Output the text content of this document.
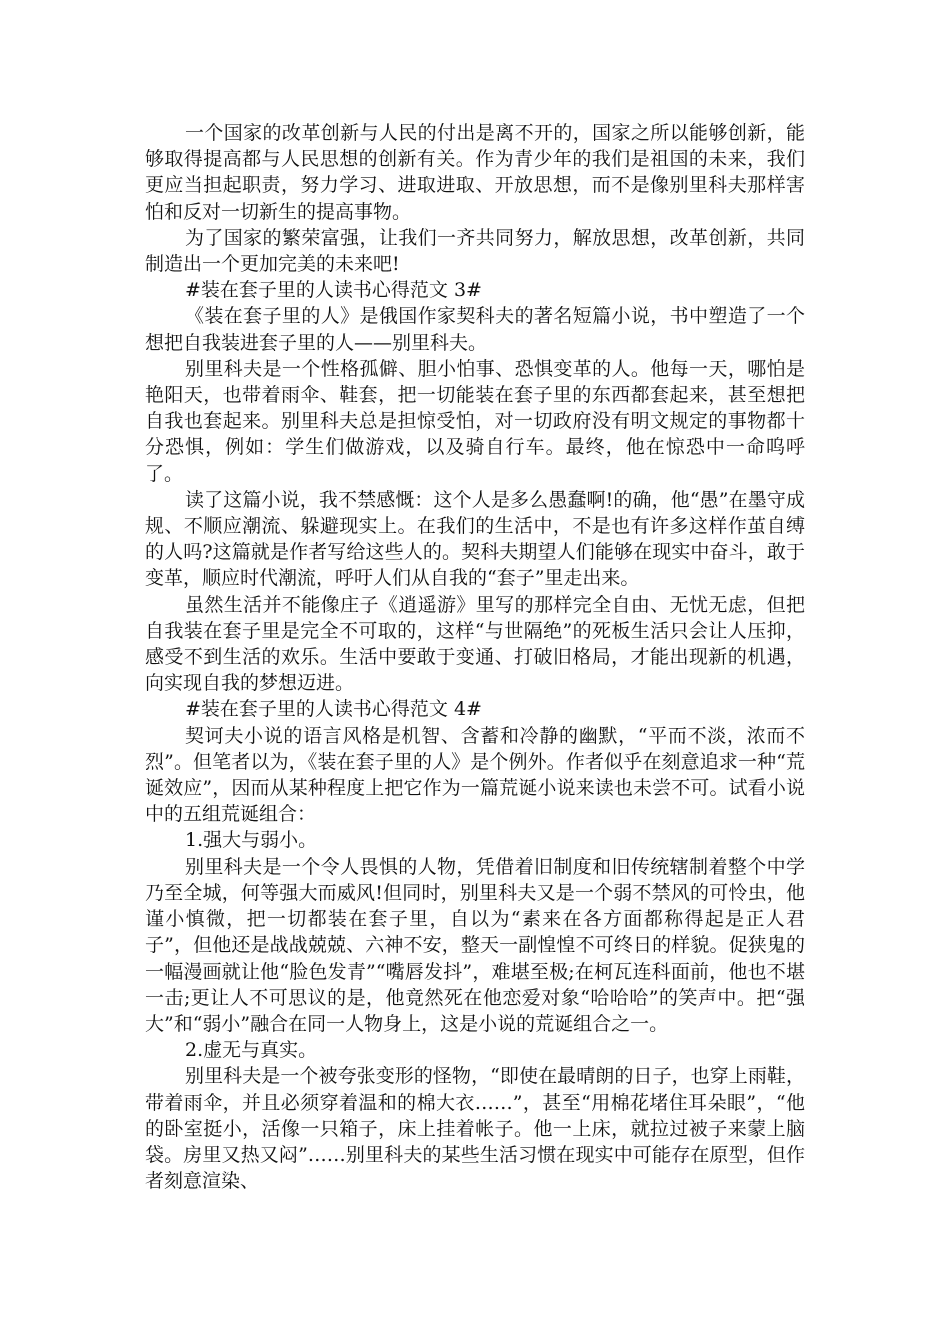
一个国家的改革创新与人民的付出是离不开的，国家之所以能够创新，能够取得提高都与人民思想的创新有关。作为青少年的我们是祖国的未来，我们更应当担起职责，努力学习、进取进取、开放思想，而不是像别里科夫那样害怕和反对一切新生的提高事物。

为了国家的繁荣富强，让我们一齐共同努力，解放思想，改革创新，共同制造出一个更加完美的未来吧!

#装在套子里的人读书心得范文 3#

《装在套子里的人》是俄国作家契科夫的著名短篇小说，书中塑造了一个想把自我装进套子里的人——别里科夫。

别里科夫是一个性格孤僻、胆小怕事、恐惧变革的人。他每一天，哪怕是艳阳天，也带着雨伞、鞋套，把一切能装在套子里的东西都套起来，甚至想把自我也套起来。别里科夫总是担惊受怕，对一切政府没有明文规定的事物都十分恐惧，例如：学生们做游戏，以及骑自行车。最终，他在惊恐中一命呜呼了。

读了这篇小说，我不禁感慨：这个人是多么愚蠢啊!的确，他“愚”在墨守成规、不顺应潮流、躲避现实上。在我们的生活中，不是也有许多这样作茧自缚的人吗?这篇就是作者写给这些人的。契科夫期望人们能够在现实中奋斗，敢于变革，顺应时代潮流，呼吁人们从自我的“套子”里走出来。

虽然生活并不能像庄子《逍遥游》里写的那样完全自由、无忧无虑，但把自我装在套子里是完全不可取的，这样“与世隔绝”的死板生活只会让人压抑，感受不到生活的欢乐。生活中要敢于变通、打破旧格局，才能出现新的机遇，向实现自我的梦想迈进。

#装在套子里的人读书心得范文 4#

契诃夫小说的语言风格是机智、含蓄和冷静的幽默，“平而不淡，浓而不烈”。但笔者以为，《装在套子里的人》是个例外。作者似乎在刻意追求一种“荒诞效应”，因而从某种程度上把它作为一篇荒诞小说来读也未尝不可。试看小说中的五组荒诞组合：

1.强大与弱小。

别里科夫是一个令人畏惧的人物，凭借着旧制度和旧传统辖制着整个中学乃至全城，何等强大而威风!但同时，别里科夫又是一个弱不禁风的可怜虫，他谨小慎微，把一切都装在套子里，自以为“素来在各方面都称得起是正人君子”，但他还是战战兢兢、六神不安，整天一副惶惶不可终日的样貌。促狭鬼的一幅漫画就让他“脸色发青”“嘴唇发抖”，难堪至极;在柯瓦连科面前，他也不堪一击;更让人不可思议的是，他竟然死在他恋爱对象“哈哈哈”的笑声中。把“强大”和“弱小”融合在同一人物身上，这是小说的荒诞组合之一。

2.虚无与真实。

别里科夫是一个被夸张变形的怪物，“即使在最晴朗的日子，也穿上雨鞋，带着雨伞，并且必须穿着温和的棉大衣……”，甚至“用棉花堵住耳朵眼”，“他的卧室挺小，活像一只箱子，床上挂着帐子。他一上床，就拉过被子来蒙上脑袋。房里又热又闷”……别里科夫的某些生活习惯在现实中可能存在原型，但作者刻意渲染、
